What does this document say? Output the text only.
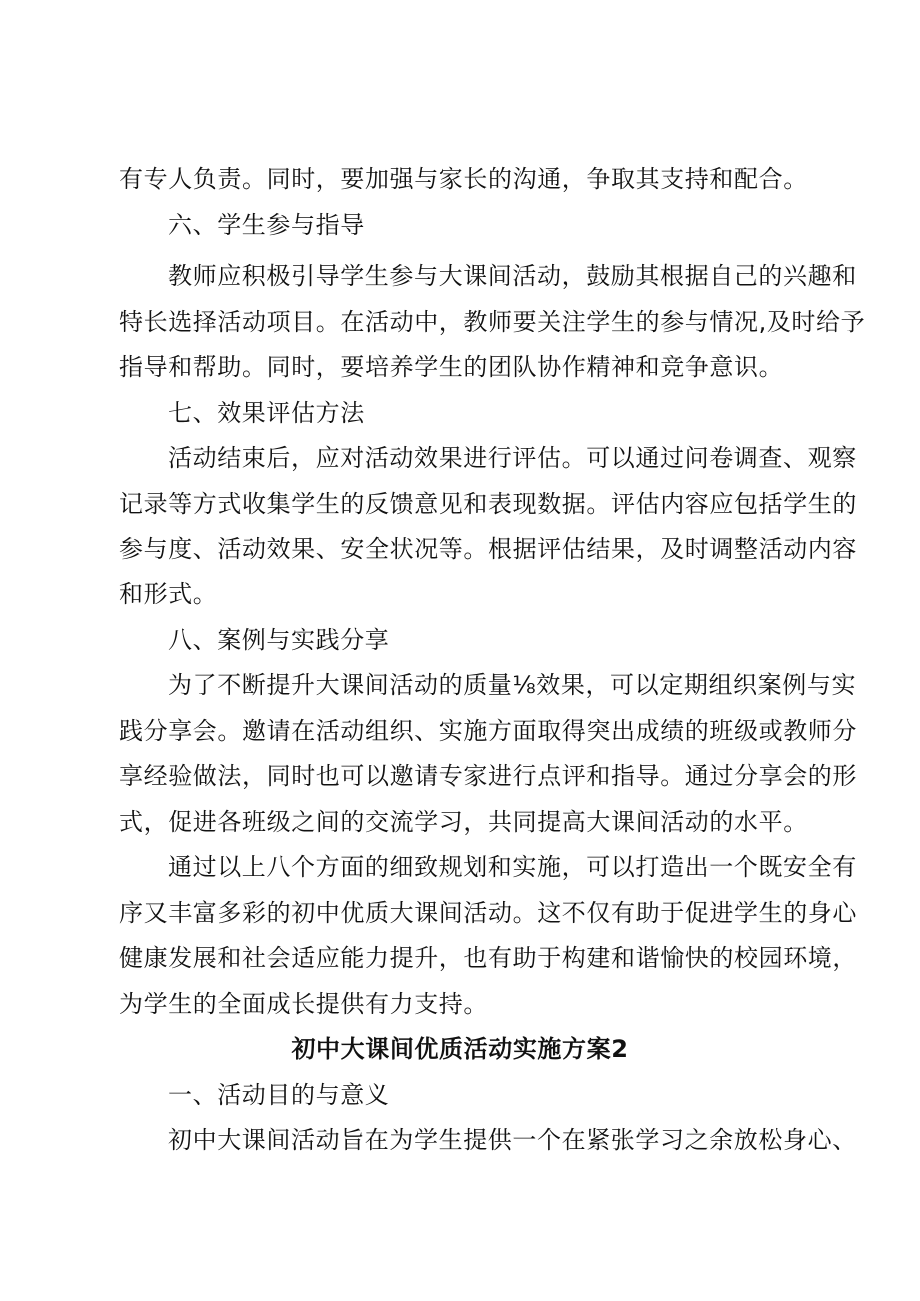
有专人负责。同时，要加强与家长的沟通，争取其支持和配合。

六、学生参与指导

教师应积极引导学生参与大课间活动，鼓励其根据自己的兴趣和

特长选择活动项目。在活动中，教师要关注学生的参与情况,及时给予

指导和帮助。同时，要培养学生的团队协作精神和竞争意识。

七、效果评估方法

活动结束后，应对活动效果进行评估。可以通过问卷调查、观察

记录等方式收集学生的反馈意见和表现数据。评估内容应包括学生的

参与度、活动效果、安全状况等。根据评估结果，及时调整活动内容

和形式。

八、案例与实践分享

为了不断提升大课间活动的质量⅛效果，可以定期组织案例与实

践分享会。邀请在活动组织、实施方面取得突出成绩的班级或教师分

享经验做法，同时也可以邀请专家进行点评和指导。通过分享会的形

式，促进各班级之间的交流学习，共同提高大课间活动的水平。

通过以上八个方面的细致规划和实施，可以打造出一个既安全有

序又丰富多彩的初中优质大课间活动。这不仅有助于促进学生的身心

健康发展和社会适应能力提升，也有助于构建和谐愉快的校园环境，

为学生的全面成长提供有力支持。

初中大课间优质活动实施方案2

一、活动目的与意义

初中大课间活动旨在为学生提供一个在紧张学习之余放松身心、
